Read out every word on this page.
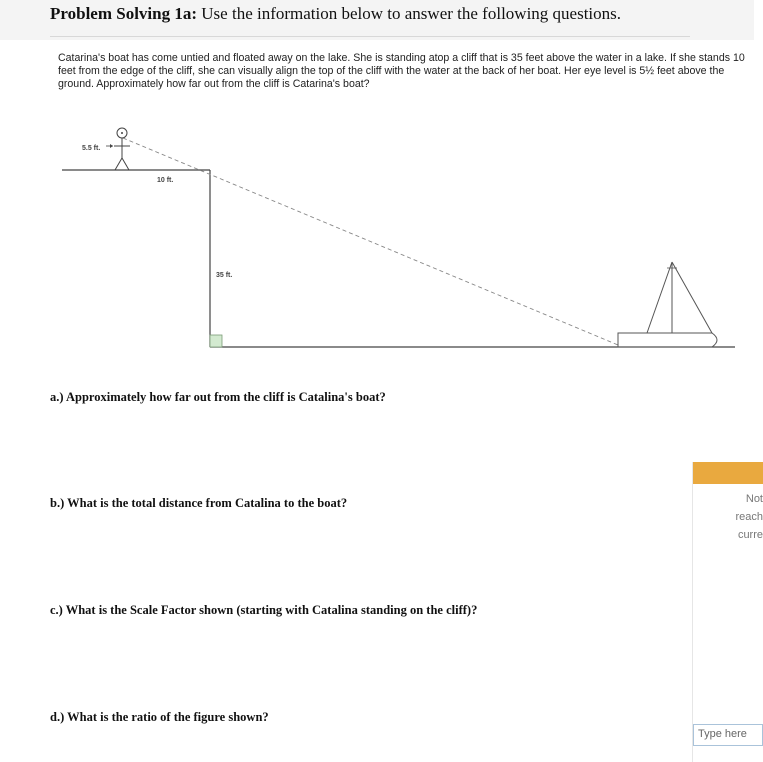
Problem Solving 1a: Use the information below to answer the following questions.
Catarina's boat has come untied and floated away on the lake. She is standing atop a cliff that is 35 feet above the water in a lake. If she stands 10 feet from the edge of the cliff, she can visually align the top of the cliff with the water at the back of her boat. Her eye level is 5½ feet above the ground. Approximately how far out from the cliff is Catarina's boat?
5.5 ft.
10 ft.
35 ft.
a.) Approximately how far out from the cliff is Catalina's boat?
b.) What is the total distance from Catalina to the boat?
c.) What is the Scale Factor shown (starting with Catalina standing on the cliff)?
d.) What is the ratio of the figure shown?
Not
reach
curre
Type here
